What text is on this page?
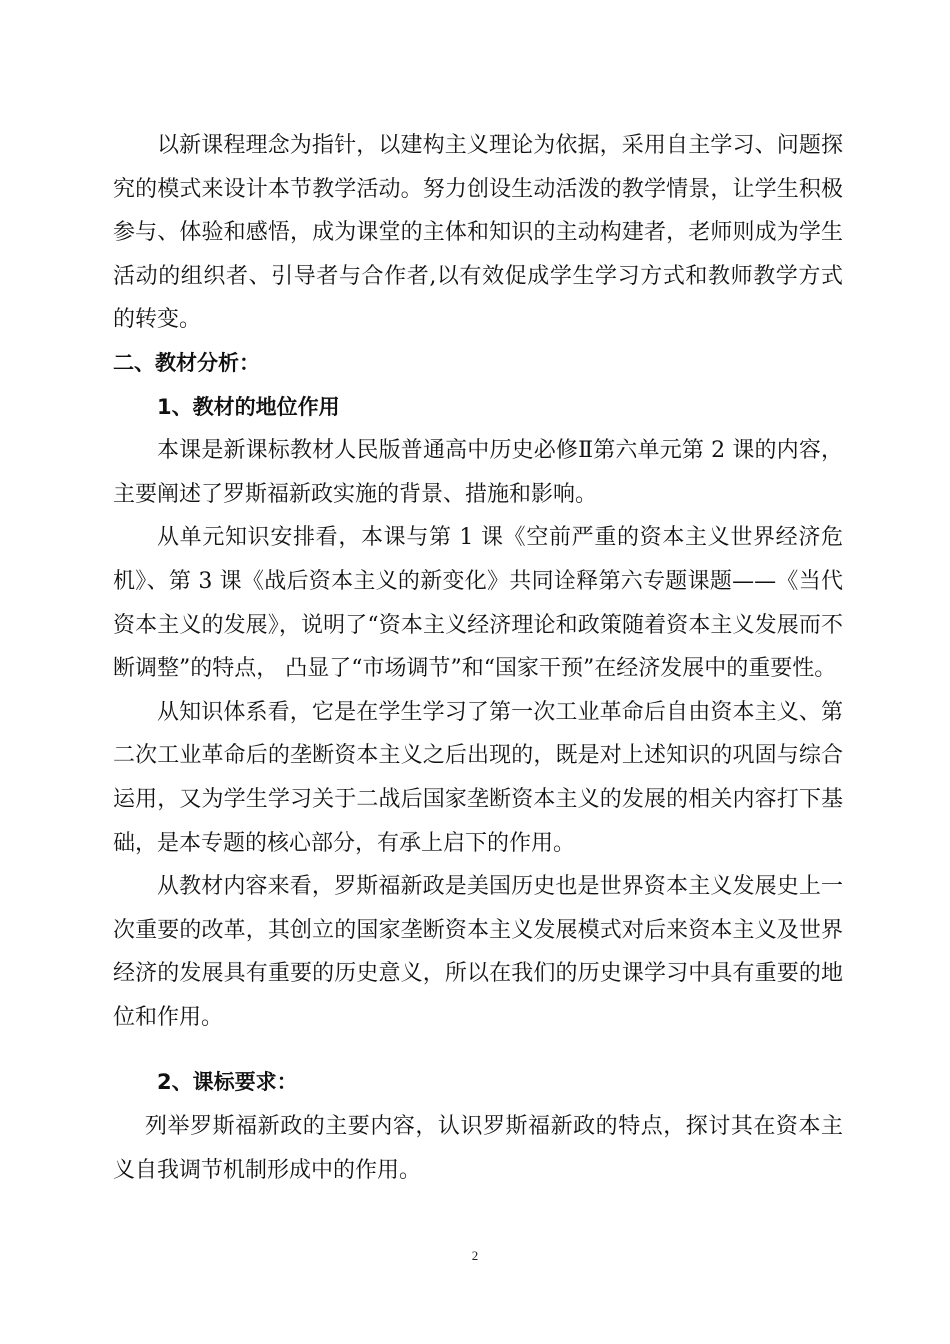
以新课程理念为指针，以建构主义理论为依据，采用自主学习、问题探究的模式来设计本节教学活动。努力创设生动活泼的教学情景，让学生积极参与、体验和感悟，成为课堂的主体和知识的主动构建者，老师则成为学生活动的组织者、引导者与合作者,以有效促成学生学习方式和教师教学方式的转变。

二、教材分析：

1、教材的地位作用

本课是新课标教材人民版普通高中历史必修Ⅱ第六单元第 2 课的内容，主要阐述了罗斯福新政实施的背景、措施和影响。

从单元知识安排看，本课与第 1 课《空前严重的资本主义世界经济危机》、第 3 课《战后资本主义的新变化》共同诠释第六专题课题——《当代资本主义的发展》，说明了“资本主义经济理论和政策随着资本主义发展而不断调整”的特点， 凸显了“市场调节”和“国家干预”在经济发展中的重要性。

从知识体系看，它是在学生学习了第一次工业革命后自由资本主义、第二次工业革命后的垄断资本主义之后出现的，既是对上述知识的巩固与综合运用，又为学生学习关于二战后国家垄断资本主义的发展的相关内容打下基础，是本专题的核心部分，有承上启下的作用。

从教材内容来看，罗斯福新政是美国历史也是世界资本主义发展史上一次重要的改革，其创立的国家垄断资本主义发展模式对后来资本主义及世界经济的发展具有重要的历史意义，所以在我们的历史课学习中具有重要的地位和作用。

2、课标要求：

列举罗斯福新政的主要内容，认识罗斯福新政的特点，探讨其在资本主义自我调节机制形成中的作用。

2
